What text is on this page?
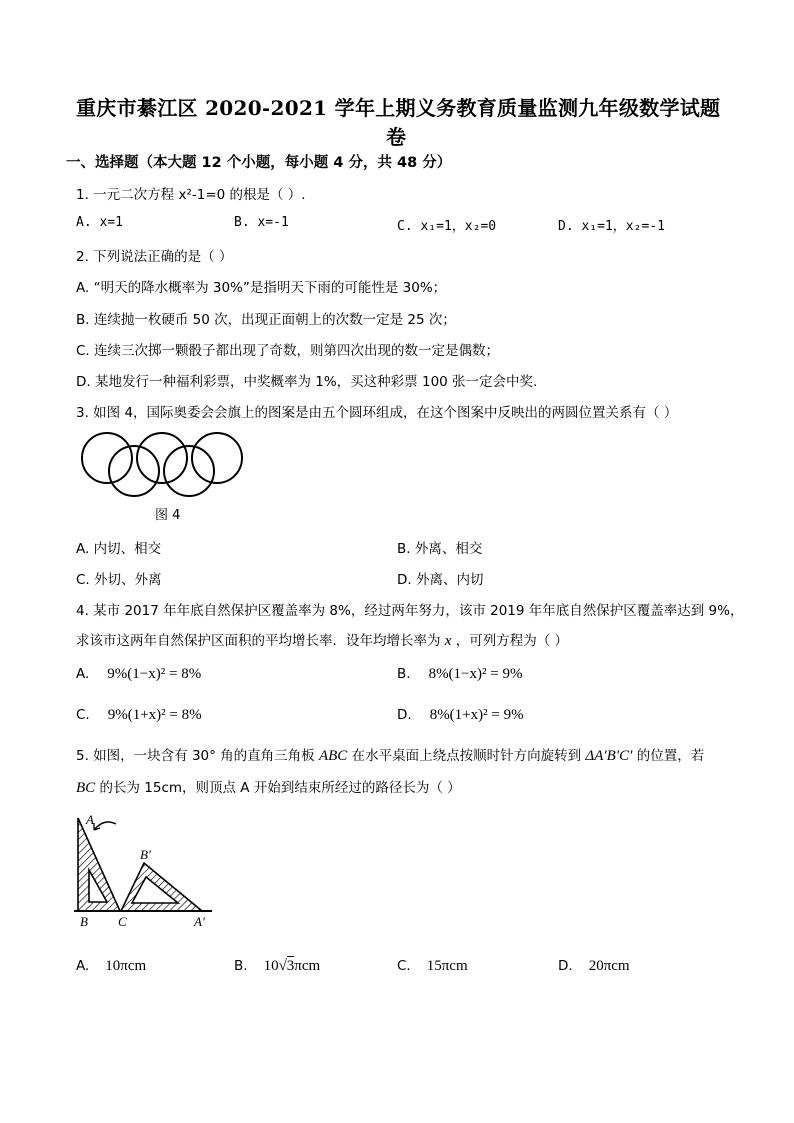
重庆市綦江区 2020-2021 学年上期义务教育质量监测九年级数学试题
卷
一、选择题（本大题 12 个小题，每小题 4 分，共 48 分）
1. 一元二次方程 x²-1=0 的根是（ ）.
A. x=1	B. x=-1	C. x₁=1，x₂=0	D. x₁=1，x₂=-1
2. 下列说法正确的是（ ）
A. “明天的降水概率为 30%”是指明天下雨的可能性是 30%；
B. 连续抛一枚硬币 50 次，出现正面朝上的次数一定是 25 次；
C. 连续三次掷一颗骰子都出现了奇数，则第四次出现的数一定是偶数；
D. 某地发行一种福利彩票，中奖概率为 1%，买这种彩票 100 张一定会中奖.
3. 如图 4，国际奥委会会旗上的图案是由五个圆环组成，在这个图案中反映出的两圆位置关系有（ ）
图 4
A. 内切、相交	B. 外离、相交
C. 外切、外离	D. 外离、内切
4. 某市 2017 年年底自然保护区覆盖率为 8%，经过两年努力，该市 2019 年年底自然保护区覆盖率达到 9%，
求该市这两年自然保护区面积的平均增长率．设年均增长率为 x ，可列方程为（ ）
A. 9%(1−x)² = 8%	B. 8%(1−x)² = 9%
C. 9%(1+x)² = 8%	D. 8%(1+x)² = 9%
5. 如图，一块含有 30° 角的直角三角板 ABC 在水平桌面上绕点按顺时针方向旋转到 ΔA′B′C′ 的位置，若
BC 的长为 15cm，则顶点 A 开始到结束所经过的路径长为（ ）
A
B C
B′
A′
A. 10πcm	B. 10√3πcm	C. 15πcm	D. 20πcm
